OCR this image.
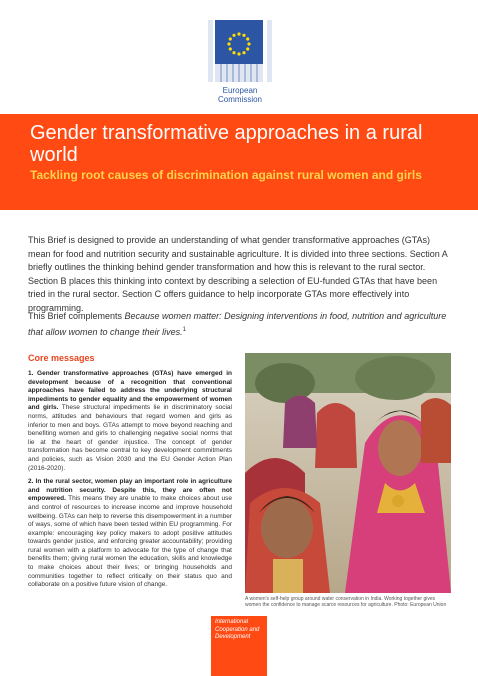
European
Commission
Gender transformative approaches in a rural world
Tackling root causes of discrimination against rural women and girls

This Brief is designed to provide an understanding of what gender transformative approaches (GTAs) mean for food and nutrition security and sustainable agriculture. It is divided into three sections. Section A briefly outlines the thinking behind gender transformation and how this is relevant to the rural sector. Section B places this thinking into context by describing a selection of EU-funded GTAs that have been tried in the rural sector. Section C offers guidance to help incorporate GTAs more effectively into programming.

This Brief complements Because women matter: Designing interventions in food, nutrition and agriculture that allow women to change their lives.$^1$

Core messages

1. Gender transformative approaches (GTAs) have emerged in development because of a recognition that conventional approaches have failed to address the underlying structural impediments to gender equality and the empowerment of women and girls. These structural impediments lie in discriminatory social norms, attitudes and behaviours that regard women and girls as inferior to men and boys. GTAs attempt to move beyond reaching and benefiting women and girls to challenging negative social norms that lie at the heart of gender injustice. The concept of gender transformation has become central to key development commitments and policies, such as Vision 2030 and the EU Gender Action Plan (2016-2020).

2. In the rural sector, women play an important role in agriculture and nutrition security. Despite this, they are often not empowered. This means they are unable to make choices about use and control of resources to increase income and improve household wellbeing. GTAs can help to reverse this disempowerment in a number of ways, some of which have been tested within EU programming. For example: encouraging key policy makers to adopt positive attitudes towards gender justice, and enforcing greater accountability; providing rural women with a platform to advocate for the type of change that benefits them; giving rural women the education, skills and knowledge to make choices about their lives; or bringing households and communities together to reflect critically on their status quo and collaborate on a positive future vision of change.

A women's self-help group around water conservation in India. Working together gives women the confidence to manage scarce resources for agriculture. Photo: European Union

International
Cooperation and
Development
